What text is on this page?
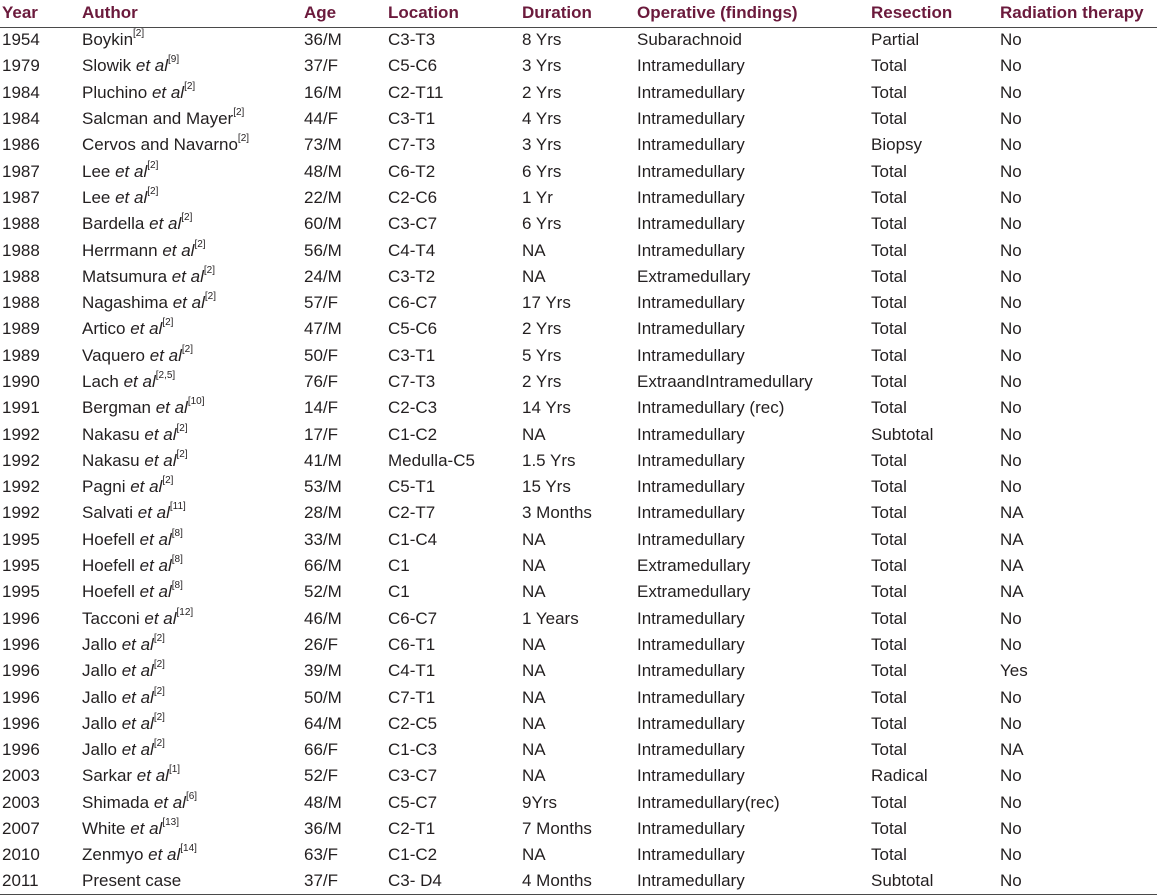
Year	Author	Age	Location	Duration	Operative (findings)	Resection	Radiation therapy
1954	Boykin[2]	36/M	C3-T3	8 Yrs	Subarachnoid	Partial	No
1979	Slowik et al[9]	37/F	C5-C6	3 Yrs	Intramedullary	Total	No
1984	Pluchino et al[2]	16/M	C2-T11	2 Yrs	Intramedullary	Total	No
1984	Salcman and Mayer[2]	44/F	C3-T1	4 Yrs	Intramedullary	Total	No
1986	Cervos and Navarno[2]	73/M	C7-T3	3 Yrs	Intramedullary	Biopsy	No
1987	Lee et al[2]	48/M	C6-T2	6 Yrs	Intramedullary	Total	No
1987	Lee et al[2]	22/M	C2-C6	1 Yr	Intramedullary	Total	No
1988	Bardella et al[2]	60/M	C3-C7	6 Yrs	Intramedullary	Total	No
1988	Herrmann et al[2]	56/M	C4-T4	NA	Intramedullary	Total	No
1988	Matsumura et al[2]	24/M	C3-T2	NA	Extramedullary	Total	No
1988	Nagashima et al[2]	57/F	C6-C7	17 Yrs	Intramedullary	Total	No
1989	Artico et al[2]	47/M	C5-C6	2 Yrs	Intramedullary	Total	No
1989	Vaquero et al[2]	50/F	C3-T1	5 Yrs	Intramedullary	Total	No
1990	Lach et al[2,5]	76/F	C7-T3	2 Yrs	ExtraandIntramedullary	Total	No
1991	Bergman et al[10]	14/F	C2-C3	14 Yrs	Intramedullary (rec)	Total	No
1992	Nakasu et al[2]	17/F	C1-C2	NA	Intramedullary	Subtotal	No
1992	Nakasu et al[2]	41/M	Medulla-C5	1.5 Yrs	Intramedullary	Total	No
1992	Pagni et al[2]	53/M	C5-T1	15 Yrs	Intramedullary	Total	No
1992	Salvati et al[11]	28/M	C2-T7	3 Months	Intramedullary	Total	NA
1995	Hoefell et al[8]	33/M	C1-C4	NA	Intramedullary	Total	NA
1995	Hoefell et al[8]	66/M	C1	NA	Extramedullary	Total	NA
1995	Hoefell et al[8]	52/M	C1	NA	Extramedullary	Total	NA
1996	Tacconi et al[12]	46/M	C6-C7	1 Years	Intramedullary	Total	No
1996	Jallo et al[2]	26/F	C6-T1	NA	Intramedullary	Total	No
1996	Jallo et al[2]	39/M	C4-T1	NA	Intramedullary	Total	Yes
1996	Jallo et al[2]	50/M	C7-T1	NA	Intramedullary	Total	No
1996	Jallo et al[2]	64/M	C2-C5	NA	Intramedullary	Total	No
1996	Jallo et al[2]	66/F	C1-C3	NA	Intramedullary	Total	NA
2003	Sarkar et al[1]	52/F	C3-C7	NA	Intramedullary	Radical	No
2003	Shimada et al[6]	48/M	C5-C7	9Yrs	Intramedullary(rec)	Total	No
2007	White et al[13]	36/M	C2-T1	7 Months	Intramedullary	Total	No
2010	Zenmyo et al[14]	63/F	C1-C2	NA	Intramedullary	Total	No
2011	Present case	37/F	C3- D4	4 Months	Intramedullary	Subtotal	No
